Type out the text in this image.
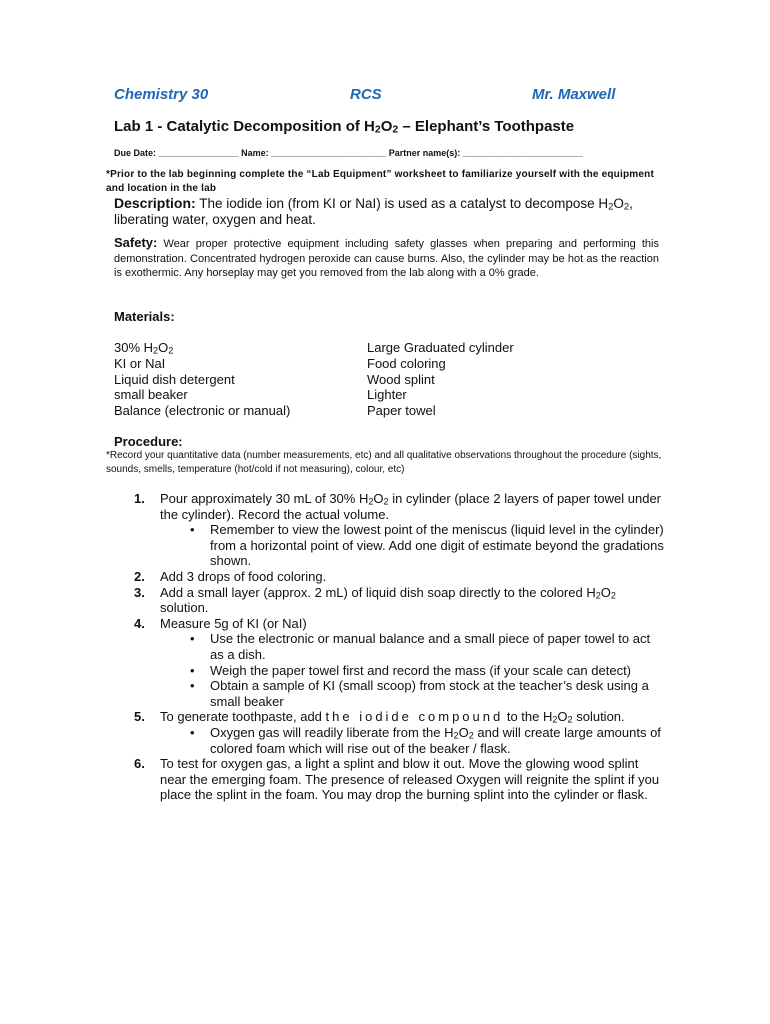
Chemistry 30	RCS	Mr. Maxwell
Lab 1 - Catalytic Decomposition of $H_2O_2$ – Elephant’s Toothpaste
Due Date: ________________ Name: _______________________ Partner name(s): ________________________
*Prior to the lab beginning complete the “Lab Equipment” worksheet to familiarize yourself with the equipment and location in the lab
Description: The iodide ion (from KI or NaI) is used as a catalyst to decompose $H_2O_2$, liberating water, oxygen and heat.
Safety: Wear proper protective equipment including safety glasses when preparing and performing this demonstration. Concentrated hydrogen peroxide can cause burns. Also, the cylinder may be hot as the reaction is exothermic. Any horseplay may get you removed from the lab along with a 0% grade.
Materials:
30% $H_2O_2$
KI or NaI
Liquid dish detergent
small beaker
Balance (electronic or manual)
Large Graduated cylinder
Food coloring
Wood splint
Lighter
Paper towel
Procedure:
*Record your quantitative data (number measurements, etc) and all qualitative observations throughout the procedure (sights, sounds, smells, temperature (hot/cold if not measuring), colour, etc)
1. Pour approximately 30 mL of 30% $H_2O_2$ in cylinder (place 2 layers of paper towel under the cylinder). Record the actual volume.
• Remember to view the lowest point of the meniscus (liquid level in the cylinder) from a horizontal point of view. Add one digit of estimate beyond the gradations shown.
2. Add 3 drops of food coloring.
3. Add a small layer (approx. 2 mL) of liquid dish soap directly to the colored $H_2O_2$ solution.
4. Measure 5g of KI (or NaI)
• Use the electronic or manual balance and a small piece of paper towel to act as a dish.
• Weigh the paper towel first and record the mass (if your scale can detect)
• Obtain a sample of KI (small scoop) from stock at the teacher’s desk using a small beaker
5. To generate toothpaste, add the iodide compound to the $H_2O_2$ solution.
• Oxygen gas will readily liberate from the $H_2O_2$ and will create large amounts of colored foam which will rise out of the beaker / flask.
6. To test for oxygen gas, a light a splint and blow it out. Move the glowing wood splint near the emerging foam. The presence of released Oxygen will reignite the splint if you place the splint in the foam. You may drop the burning splint into the cylinder or flask.
